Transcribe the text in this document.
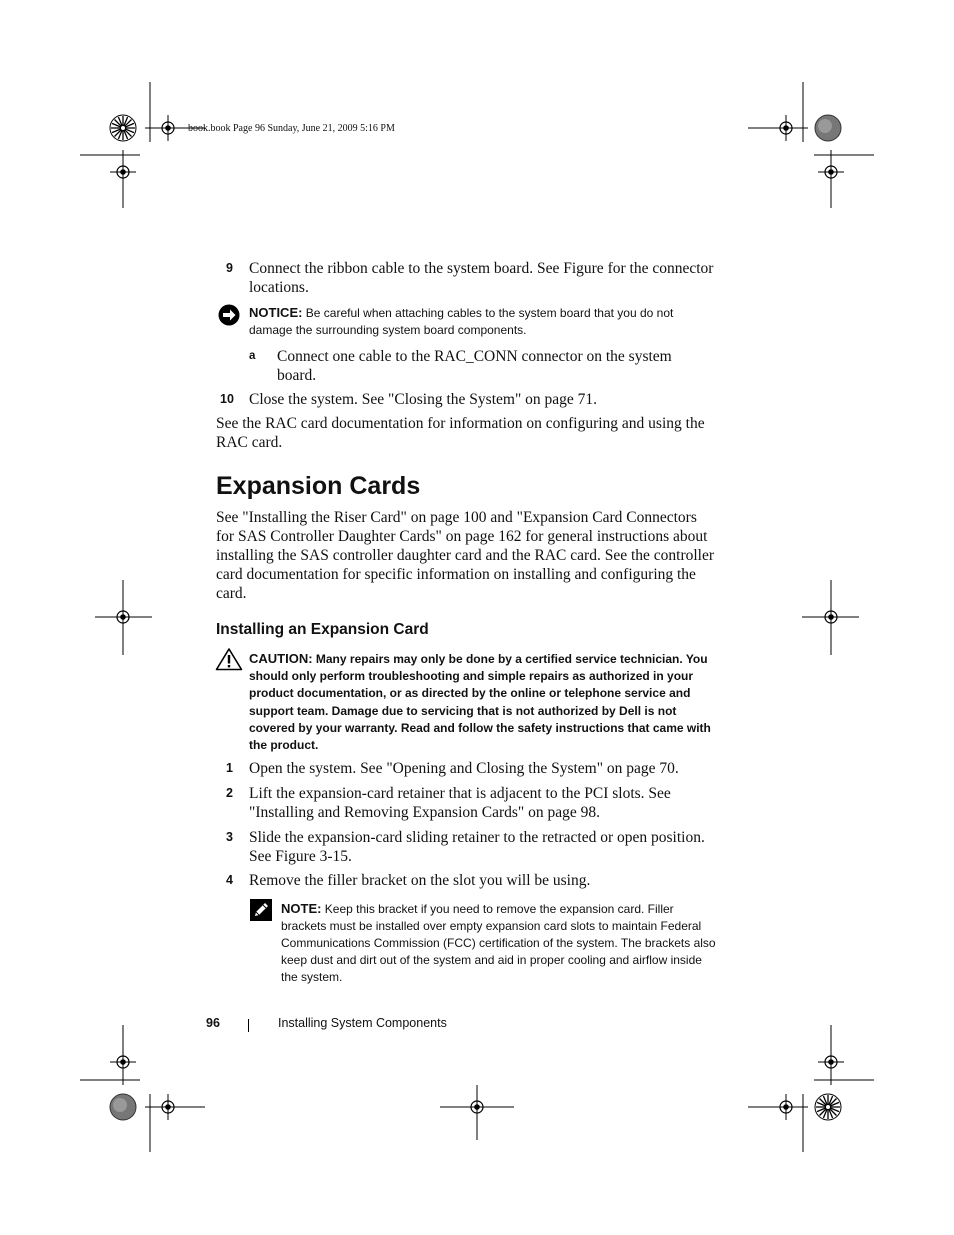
book.book Page 96 Sunday, June 21, 2009 5:16 PM
9 Connect the ribbon cable to the system board. See Figure for the connector locations.
NOTICE: Be careful when attaching cables to the system board that you do not damage the surrounding system board components.
a Connect one cable to the RAC_CONN connector on the system board.
10 Close the system. See "Closing the System" on page 71.
See the RAC card documentation for information on configuring and using the RAC card.
Expansion Cards
See "Installing the Riser Card" on page 100 and "Expansion Card Connectors for SAS Controller Daughter Cards" on page 162 for general instructions about installing the SAS controller daughter card and the RAC card. See the controller card documentation for specific information on installing and configuring the card.
Installing an Expansion Card
CAUTION: Many repairs may only be done by a certified service technician. You should only perform troubleshooting and simple repairs as authorized in your product documentation, or as directed by the online or telephone service and support team. Damage due to servicing that is not authorized by Dell is not covered by your warranty. Read and follow the safety instructions that came with the product.
1 Open the system. See "Opening and Closing the System" on page 70.
2 Lift the expansion-card retainer that is adjacent to the PCI slots. See "Installing and Removing Expansion Cards" on page 98.
3 Slide the expansion-card sliding retainer to the retracted or open position. See Figure 3-15.
4 Remove the filler bracket on the slot you will be using.
NOTE: Keep this bracket if you need to remove the expansion card. Filler brackets must be installed over empty expansion card slots to maintain Federal Communications Commission (FCC) certification of the system. The brackets also keep dust and dirt out of the system and aid in proper cooling and airflow inside the system.
96	Installing System Components
